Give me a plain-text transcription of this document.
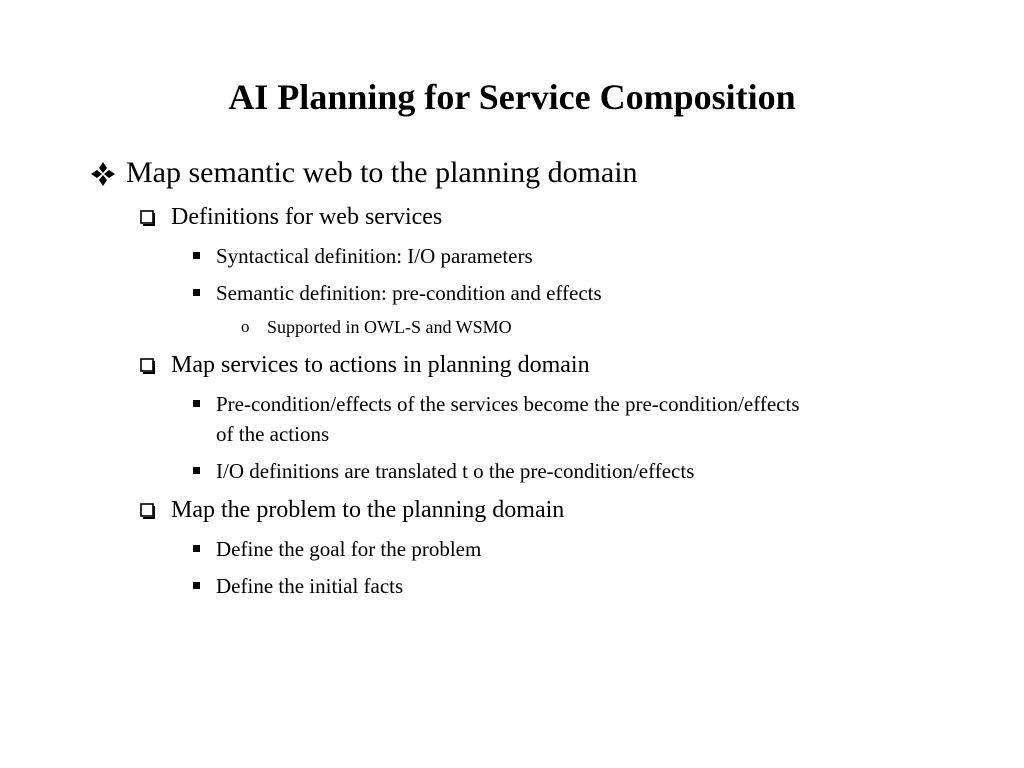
AI Planning for Service Composition
Map semantic web to the planning domain
Definitions for web services
Syntactical definition: I/O parameters
Semantic definition: pre-condition and effects
o Supported in OWL-S and WSMO
Map services to actions in planning domain
Pre-condition/effects of the services become the pre-condition/effects
of the actions
I/O definitions are translated t o the pre-condition/effects
Map the problem to the planning domain
Define the goal for the problem
Define the initial facts
